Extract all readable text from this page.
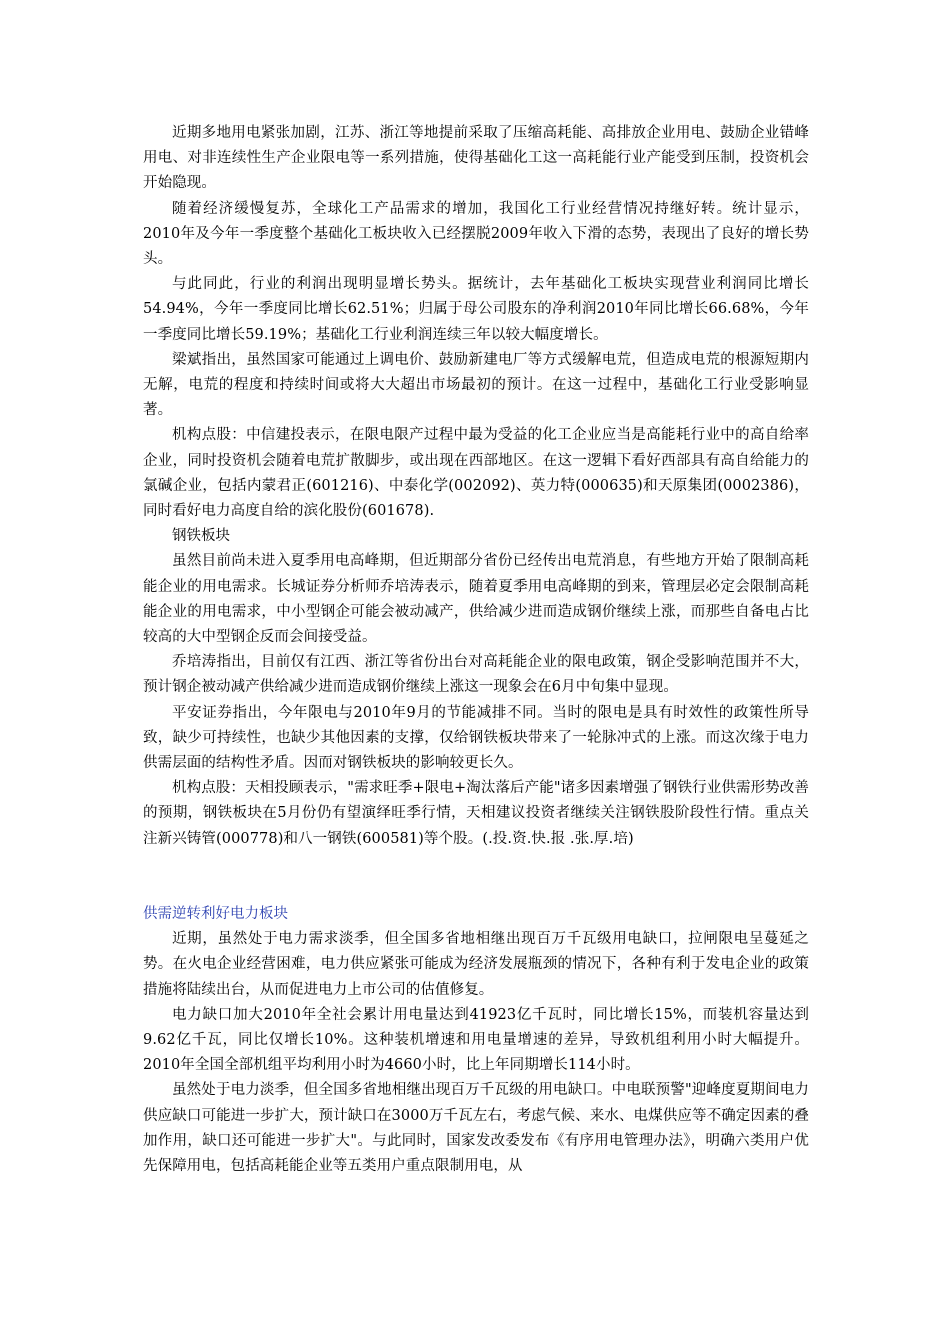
近期多地用电紧张加剧，江苏、浙江等地提前采取了压缩高耗能、高排放企业用电、鼓励企业错峰用电、对非连续性生产企业限电等一系列措施，使得基础化工这一高耗能行业产能受到压制，投资机会开始隐现。

随着经济缓慢复苏，全球化工产品需求的增加，我国化工行业经营情况持继好转。统计显示， 2010年及今年一季度整个基础化工板块收入已经摆脱2009年收入下滑的态势，表现出了良好的增长势头。

与此同此，行业的利润出现明显增长势头。据统计，去年基础化工板块实现营业利润同比增长54.94%，今年一季度同比增长62.51%；归属于母公司股东的净利润2010年同比增长66.68%，今年一季度同比增长59.19%；基础化工行业利润连续三年以较大幅度增长。

梁斌指出，虽然国家可能通过上调电价、鼓励新建电厂等方式缓解电荒，但造成电荒的根源短期内无解，电荒的程度和持续时间或将大大超出市场最初的预计。在这一过程中，基础化工行业受影响显著。

机构点股：中信建投表示，在限电限产过程中最为受益的化工企业应当是高能耗行业中的高自给率企业，同时投资机会随着电荒扩散脚步，或出现在西部地区。在这一逻辑下看好西部具有高自给能力的氯碱企业，包括内蒙君正(601216)、中泰化学(002092)、英力特(000635)和天原集团(0002386)，同时看好电力高度自给的滨化股份(601678).

钢铁板块

虽然目前尚未进入夏季用电高峰期，但近期部分省份已经传出电荒消息，有些地方开始了限制高耗能企业的用电需求。长城证券分析师乔培涛表示，随着夏季用电高峰期的到来，管理层必定会限制高耗能企业的用电需求，中小型钢企可能会被动减产，供给减少进而造成钢价继续上涨，而那些自备电占比较高的大中型钢企反而会间接受益。

乔培涛指出，目前仅有江西、浙江等省份出台对高耗能企业的限电政策，钢企受影响范围并不大，预计钢企被动减产供给减少进而造成钢价继续上涨这一现象会在6月中旬集中显现。

平安证券指出，今年限电与2010年9月的节能减排不同。当时的限电是具有时效性的政策性所导致，缺少可持续性，也缺少其他因素的支撑，仅给钢铁板块带来了一轮脉冲式的上涨。而这次缘于电力供需层面的结构性矛盾。因而对钢铁板块的影响较更长久。

机构点股：天相投顾表示，"需求旺季+限电+淘汰落后产能"诸多因素增强了钢铁行业供需形势改善的预期，钢铁板块在5月份仍有望演绎旺季行情，天相建议投资者继续关注钢铁股阶段性行情。重点关注新兴铸管(000778)和八一钢铁(600581)等个股。(.投.资.快.报 .张.厚.培)

供需逆转利好电力板块

近期，虽然处于电力需求淡季，但全国多省地相继出现百万千瓦级用电缺口，拉闸限电呈蔓延之势。在火电企业经营困难，电力供应紧张可能成为经济发展瓶颈的情况下，各种有利于发电企业的政策措施将陆续出台，从而促进电力上市公司的估值修复。

电力缺口加大2010年全社会累计用电量达到41923亿千瓦时，同比增长15%，而装机容量达到9.62亿千瓦，同比仅增长10%。这种装机增速和用电量增速的差异，导致机组利用小时大幅提升。2010年全国全部机组平均利用小时为4660小时，比上年同期增长114小时。

虽然处于电力淡季，但全国多省地相继出现百万千瓦级的用电缺口。中电联预警"迎峰度夏期间电力供应缺口可能进一步扩大，预计缺口在3000万千瓦左右，考虑气候、来水、电煤供应等不确定因素的叠加作用，缺口还可能进一步扩大"。与此同时，国家发改委发布《有序用电管理办法》，明确六类用户优先保障用电，包括高耗能企业等五类用户重点限制用电，从
